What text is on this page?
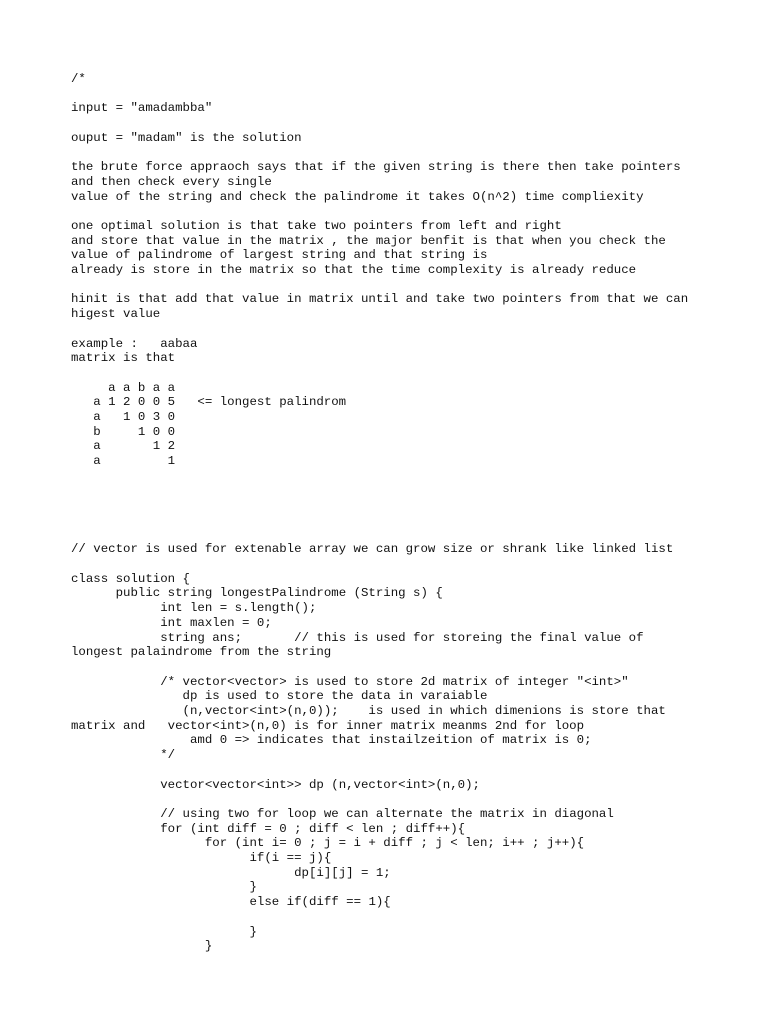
/*
input = "amadambba"
ouput = "madam" is the solution
the brute force appraoch says that if the given string is there then take pointers
and then check every single
value of the string and check the palindrome it takes O(n^2) time compliexity
one optimal solution is that take two pointers from left and right
and store that value in the matrix , the major benfit is that when you check the
value of palindrome of largest string and that string is
already is store in the matrix so that the time complexity is already reduce
hinit is that add that value in matrix until and take two pointers from that we can
higest value
example :   aabaa
matrix is that
a a b a a
a 1 2 0 0 5   <= longest palindrom
a   1 0 3 0
b     1 0 0
a       1 2
a         1
// vector is used for extenable array we can grow size or shrank like linked list
class solution {
	public string longestPalindrome (String s) {
		int len = s.length();
		int maxlen = 0;
		string ans;		// this is used for storeing the final value of
longest palaindrome from the string
		/* vector<vector> is used to store 2d matrix of integer "<int>"
		dp is used to store the data in varaiable
		(n,vector<int>(n,0));    is used in which dimenions is store that
matrix and   vector<int>(n,0) is for inner matrix meanms 2nd for loop
		amd 0 => indicates that instailzeition of matrix is 0;
		*/
		vector<vector<int>> dp (n,vector<int>(n,0);
		// using two for loop we can alternate the matrix in diagonal
		for (int diff = 0 ; diff < len ; diff++){
			for (int i= 0 ; j = i + diff ; j < len; i++ ; j++){
				if(i == j){
					dp[i][j] = 1;
				}
				else if(diff == 1){
				}
			}
